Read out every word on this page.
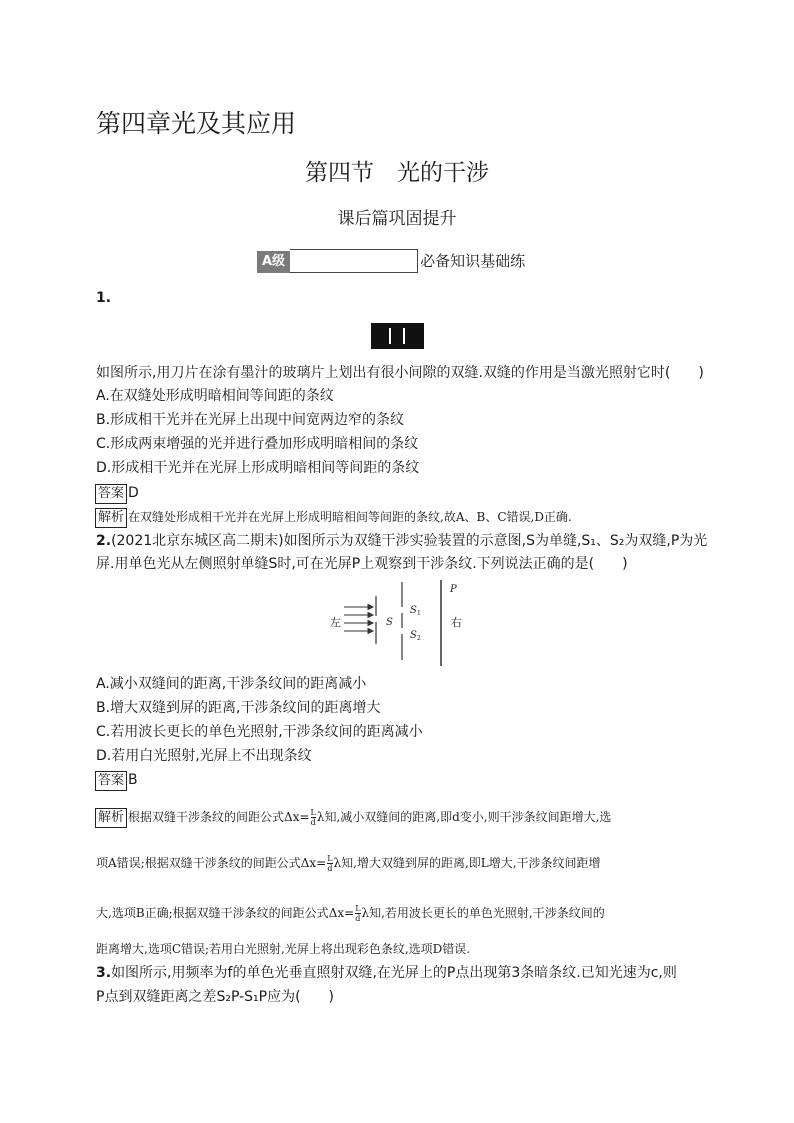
第四章光及其应用
第四节　光的干涉
课后篇巩固提升
A级	必备知识基础练
1.
如图所示,用刀片在涂有墨汁的玻璃片上划出有很小间隙的双缝.双缝的作用是当激光照射它时(　　)
A.在双缝处形成明暗相间等间距的条纹
B.形成相干光并在光屏上出现中间宽两边窄的条纹
C.形成两束增强的光并进行叠加形成明暗相间的条纹
D.形成相干光并在光屏上形成明暗相间等间距的条纹
答案 D
解析 在双缝处形成相干光并在光屏上形成明暗相间等间距的条纹,故A、B、C错误,D正确.
2.(2021北京东城区高二期末)如图所示为双缝干涉实验装置的示意图,S为单缝,S₁、S₂为双缝,P为光
屏.用单色光从左侧照射单缝S时,可在光屏P上观察到干涉条纹.下列说法正确的是(　　)
左	S
S 1
S 2
P
右
A.减小双缝间的距离,干涉条纹间的距离减小
B.增大双缝到屏的距离,干涉条纹间的距离增大
C.若用波长更长的单色光照射,干涉条纹间的距离减小
D.若用白光照射,光屏上不出现条纹
答案 B
解析 根据双缝干涉条纹的间距公式$\Delta x= \frac{L}{d}$ λ知,减小双缝间的距离,即d变小,则干涉条纹间距增大,选
项A错误;根据双缝干涉条纹的间距公式$\Delta x= \frac{L}{d}$ λ知,增大双缝到屏的距离,即L增大,干涉条纹间距增
大,选项B正确;根据双缝干涉条纹的间距公式$\Delta x= \frac{L}{d}$ λ知,若用波长更长的单色光照射,干涉条纹间的
距离增大,选项C错误;若用白光照射,光屏上将出现彩色条纹,选项D错误.
3.如图所示,用频率为f的单色光垂直照射双缝,在光屏上的P点出现第3条暗条纹.已知光速为c,则
P点到双缝距离之差S₂P-S₁P应为(　　)
